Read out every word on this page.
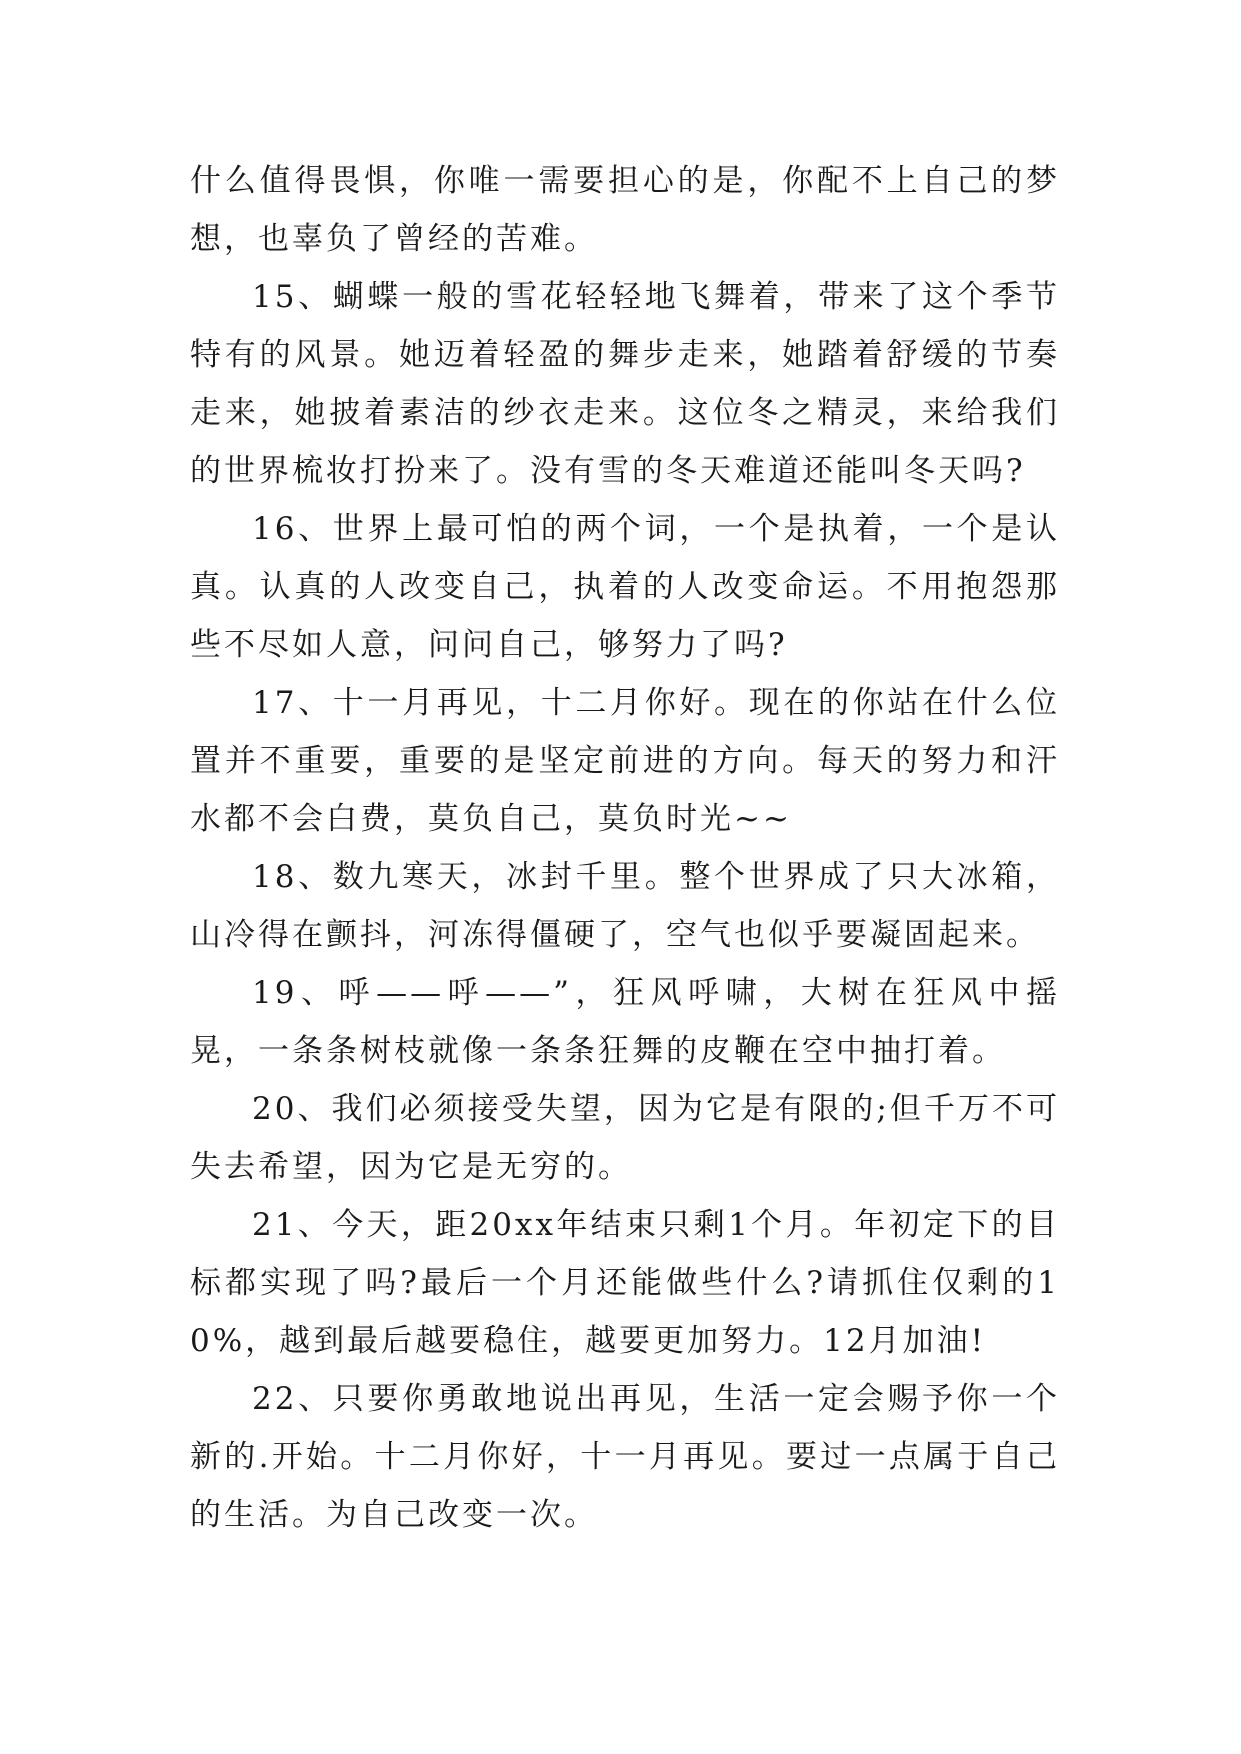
什么值得畏惧，你唯一需要担心的是，你配不上自己的梦想，也辜负了曾经的苦难。

15、蝴蝶一般的雪花轻轻地飞舞着，带来了这个季节特有的风景。她迈着轻盈的舞步走来，她踏着舒缓的节奏走来，她披着素洁的纱衣走来。这位冬之精灵，来给我们的世界梳妆打扮来了。没有雪的冬天难道还能叫冬天吗?

16、世界上最可怕的两个词，一个是执着，一个是认真。认真的人改变自己，执着的人改变命运。不用抱怨那些不尽如人意，问问自己，够努力了吗?

17、十一月再见，十二月你好。现在的你站在什么位置并不重要，重要的是坚定前进的方向。每天的努力和汗水都不会白费，莫负自己，莫负时光~~

18、数九寒天，冰封千里。整个世界成了只大冰箱，山冷得在颤抖，河冻得僵硬了，空气也似乎要凝固起来。

19、呼——呼——”，狂风呼啸，大树在狂风中摇晃，一条条树枝就像一条条狂舞的皮鞭在空中抽打着。

20、我们必须接受失望，因为它是有限的;但千万不可失去希望，因为它是无穷的。

21、今天，距20xx年结束只剩1个月。年初定下的目标都实现了吗?最后一个月还能做些什么?请抓住仅剩的10%，越到最后越要稳住，越要更加努力。12月加油!

22、只要你勇敢地说出再见，生活一定会赐予你一个新的.开始。十二月你好，十一月再见。要过一点属于自己的生活。为自己改变一次。
